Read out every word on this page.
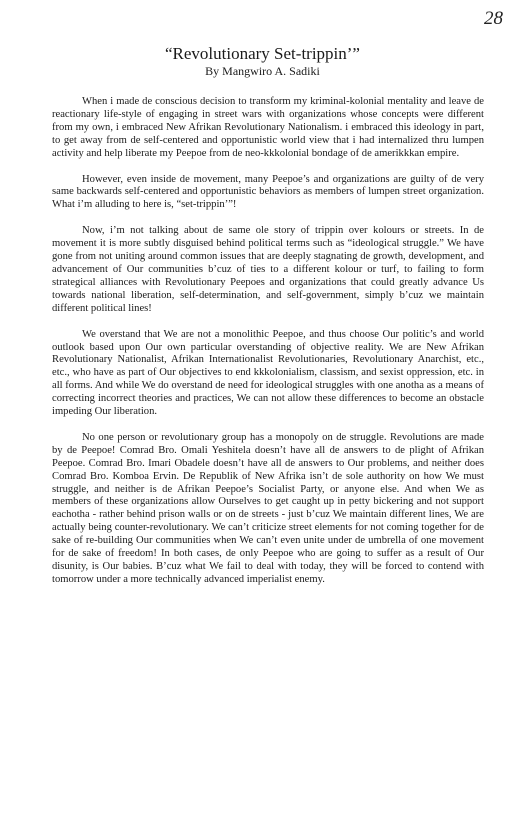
28
“Revolutionary Set-trippin’”

By Mangwiro A. Sadiki

When i made de conscious decision to transform my kriminal-kolonial mentality and leave de reactionary life-style of engaging in street wars with organizations whose concepts were different from my own, i embraced New Afrikan Revolutionary Nationalism. i embraced this ideology in part, to get away from de self-centered and opportunistic world view that i had internalized thru lumpen activity and help liberate my Peepoe from de neo-kkkolonial bondage of de amerikkkan empire.

However, even inside de movement, many Peepoe’s and organizations are guilty of de very same backwards self-centered and opportunistic behaviors as members of lumpen street organization. What i’m alluding to here is, “set-trippin’”!

Now, i’m not talking about de same ole story of trippin over kolours or streets. In de movement it is more subtly disguised behind political terms such as “ideological struggle.” We have gone from not uniting around common issues that are deeply stagnating de growth, development, and advancement of Our communities b’cuz of ties to a different kolour or turf, to failing to form strategical alliances with Revolutionary Peepoes and organizations that could greatly advance Us towards national liberation, self-determination, and self-government, simply b’cuz we maintain different political lines!

We overstand that We are not a monolithic Peepoe, and thus choose Our politic’s and world outlook based upon Our own particular overstanding of objective reality. We are New Afrikan Revolutionary Nationalist, Afrikan Internationalist Revolutionaries, Revolutionary Anarchist, etc., etc., who have as part of Our objectives to end kkkolonialism, classism, and sexist oppression, etc. in all forms. And while We do overstand de need for ideological struggles with one anotha as a means of correcting incorrect theories and practices, We can not allow these differences to become an obstacle impeding Our liberation.

No one person or revolutionary group has a monopoly on de struggle. Revolutions are made by de Peepoe! Comrad Bro. Omali Yeshitela doesn’t have all de answers to de plight of Afrikan Peepoe. Comrad Bro. Imari Obadele doesn’t have all de answers to Our problems, and neither does Comrad Bro. Komboa Ervin. De Republik of New Afrika isn’t de sole authority on how We must struggle, and neither is de Afrikan Peepoe’s Socialist Party, or anyone else. And when We as members of these organizations allow Ourselves to get caught up in petty bickering and not support eachotha - rather behind prison walls or on de streets - just b’cuz We maintain different lines, We are actually being counter-revolutionary. We can’t criticize street elements for not coming together for de sake of re-building Our communities when We can’t even unite under de umbrella of one movement for de sake of freedom! In both cases, de only Peepoe who are going to suffer as a result of Our disunity, is Our babies. B’cuz what We fail to deal with today, they will be forced to contend with tomorrow under a more technically advanced imperialist enemy.
